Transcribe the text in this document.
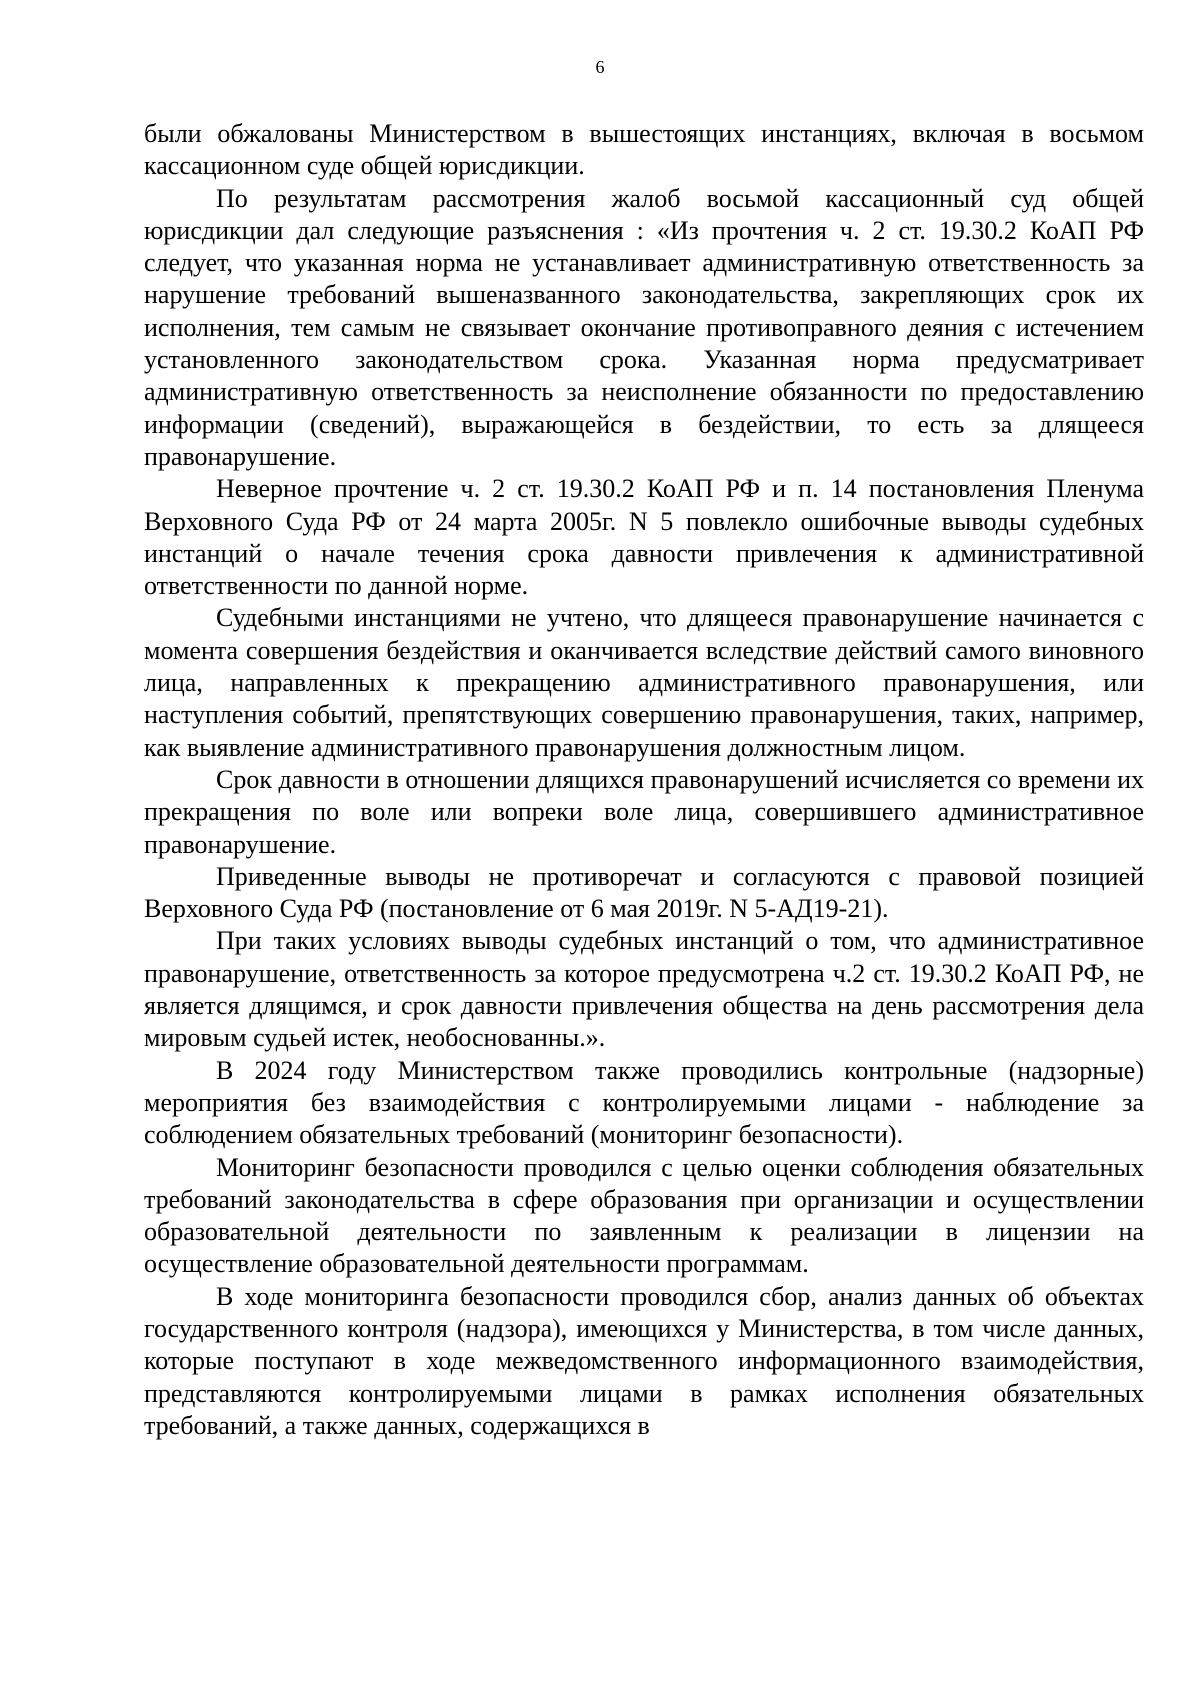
6

были обжалованы Министерством в вышестоящих инстанциях, включая в восьмом кассационном суде общей юрисдикции.

По результатам рассмотрения жалоб восьмой кассационный суд общей юрисдикции дал следующие разъяснения : «Из прочтения ч. 2 ст. 19.30.2 КоАП РФ следует, что указанная норма не устанавливает административную ответственность за нарушение требований вышеназванного законодательства, закрепляющих срок их исполнения, тем самым не связывает окончание противоправного деяния с истечением установленного законодательством срока. Указанная норма предусматривает административную ответственность за неисполнение обязанности по предоставлению информации (сведений), выражающейся в бездействии, то есть за длящееся правонарушение.

Неверное прочтение ч. 2 ст. 19.30.2 КоАП РФ и п. 14 постановления Пленума Верховного Суда РФ от 24 марта 2005г. N 5 повлекло ошибочные выводы судебных инстанций о начале течения срока давности привлечения к административной ответственности по данной норме.

Судебными инстанциями не учтено, что длящееся правонарушение начинается с момента совершения бездействия и оканчивается вследствие действий самого виновного лица, направленных к прекращению административного правонарушения, или наступления событий, препятствующих совершению правонарушения, таких, например, как выявление административного правонарушения должностным лицом.

Срок давности в отношении длящихся правонарушений исчисляется со времени их прекращения по воле или вопреки воле лица, совершившего административное правонарушение.

Приведенные выводы не противоречат и согласуются с правовой позицией Верховного Суда РФ (постановление от 6 мая 2019г. N 5-АД19-21).

При таких условиях выводы судебных инстанций о том, что административное правонарушение, ответственность за которое предусмотрена ч.2 ст. 19.30.2 КоАП РФ, не является длящимся, и срок давности привлечения общества на день рассмотрения дела мировым судьей истек, необоснованны.».

В 2024 году Министерством также проводились контрольные (надзорные) мероприятия без взаимодействия с контролируемыми лицами - наблюдение за соблюдением обязательных требований (мониторинг безопасности).

Мониторинг безопасности проводился с целью оценки соблюдения обязательных требований законодательства в сфере образования при организации и осуществлении образовательной деятельности по заявленным к реализации в лицензии на осуществление образовательной деятельности программам.

В ходе мониторинга безопасности проводился сбор, анализ данных об объектах государственного контроля (надзора), имеющихся у Министерства, в том числе данных, которые поступают в ходе межведомственного информационного взаимодействия, представляются контролируемыми лицами в рамках исполнения обязательных требований, а также данных, содержащихся в
